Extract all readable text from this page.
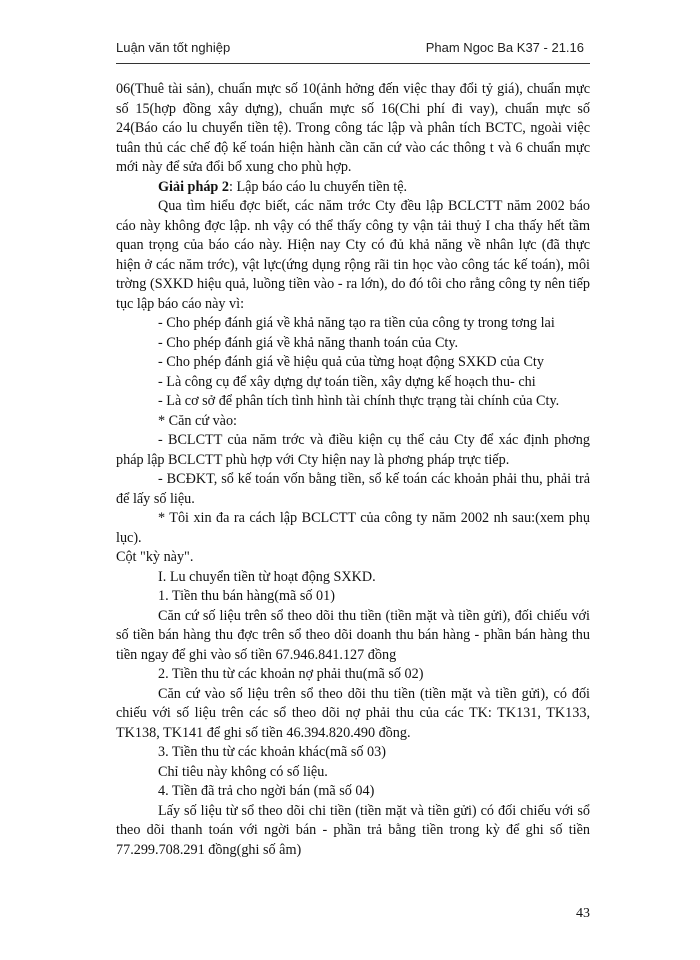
Luận văn tốt nghiệp	Pham Ngoc Ba K37 - 21.16

06(Thuê tài sản), chuẩn mực số 10(ảnh hởng đến việc thay đổi tỷ giá), chuẩn mực số 15(hợp đồng xây dựng), chuẩn mực số 16(Chi phí đi vay), chuẩn mực số 24(Báo cáo lu chuyển tiền tệ). Trong công tác lập và phân tích BCTC, ngoài việc tuân thủ các chế độ kế toán hiện hành cần căn cứ vào các thông t và 6 chuẩn mực mới này để sửa đổi bổ xung cho phù hợp.

Giải pháp 2: Lập báo cáo lu chuyển tiền tệ.

Qua tìm hiểu đợc biết, các năm trớc Cty đều lập BCLCTT năm 2002 báo cáo này không đợc lập. nh vậy có thể thấy công ty vận tải thuỷ I cha thấy hết tầm quan trọng của báo cáo này. Hiện nay Cty có đủ khả năng về nhân lực (đã thực hiện ở các năm trớc), vật lực(ứng dụng rộng rãi tin học vào công tác kế toán), môi trờng (SXKD hiệu quả, luồng tiền vào - ra lớn), do đó tôi cho rằng công ty nên tiếp tục lập báo cáo này vì:

- Cho phép đánh giá về khả năng tạo ra tiền của công ty trong tơng lai

- Cho phép đánh giá về khả năng thanh toán của Cty.

- Cho phép đánh giá về hiệu quả của từng hoạt động SXKD của Cty

- Là công cụ để xây dựng dự toán tiền, xây dựng kế hoạch thu- chi

- Là cơ sở để phân tích tình hình tài chính thực trạng tài chính của Cty.

* Căn cứ vào:

- BCLCTT của năm trớc và điều kiện cụ thể cảu Cty để xác định phơng pháp lập BCLCTT phù hợp với Cty hiện nay là phơng pháp trực tiếp.

- BCĐKT, sổ kế toán vốn bằng tiền, sổ kế toán các khoản phải thu, phải trả để lấy số liệu.

* Tôi xin đa ra cách lập BCLCTT của công ty năm 2002 nh sau:(xem phụ lục).

Cột "kỳ này".

I. Lu chuyển tiền từ hoạt động SXKD.

1. Tiền thu bán hàng(mã số 01)

Căn cứ số liệu trên sổ theo dõi thu tiền (tiền mặt và tiền gửi), đối chiếu với số tiền bán hàng thu đợc trên sổ theo dõi doanh thu bán hàng - phần bán hàng thu tiền ngay để ghi vào số tiền 67.946.841.127 đồng

2. Tiền thu từ các khoản nợ phải thu(mã số 02)

Căn cứ vào số liệu trên sổ theo dõi thu tiền (tiền mặt và tiền gửi), có đối chiếu với số liệu trên các sổ theo dõi nợ phải thu của các TK: TK131, TK133, TK138, TK141 để ghi số tiền 46.394.820.490 đồng.

3. Tiền thu từ các khoản khác(mã số 03)

Chỉ tiêu này không có số liệu.

4. Tiền đã trả cho ngời bán (mã số 04)

Lấy số liệu từ sổ theo dõi chi tiền (tiền mặt và tiền gửi) có đối chiếu với sổ theo dõi thanh toán với ngời bán - phần trả bằng tiền trong kỳ để ghi số tiền 77.299.708.291 đồng(ghi số âm)

43
